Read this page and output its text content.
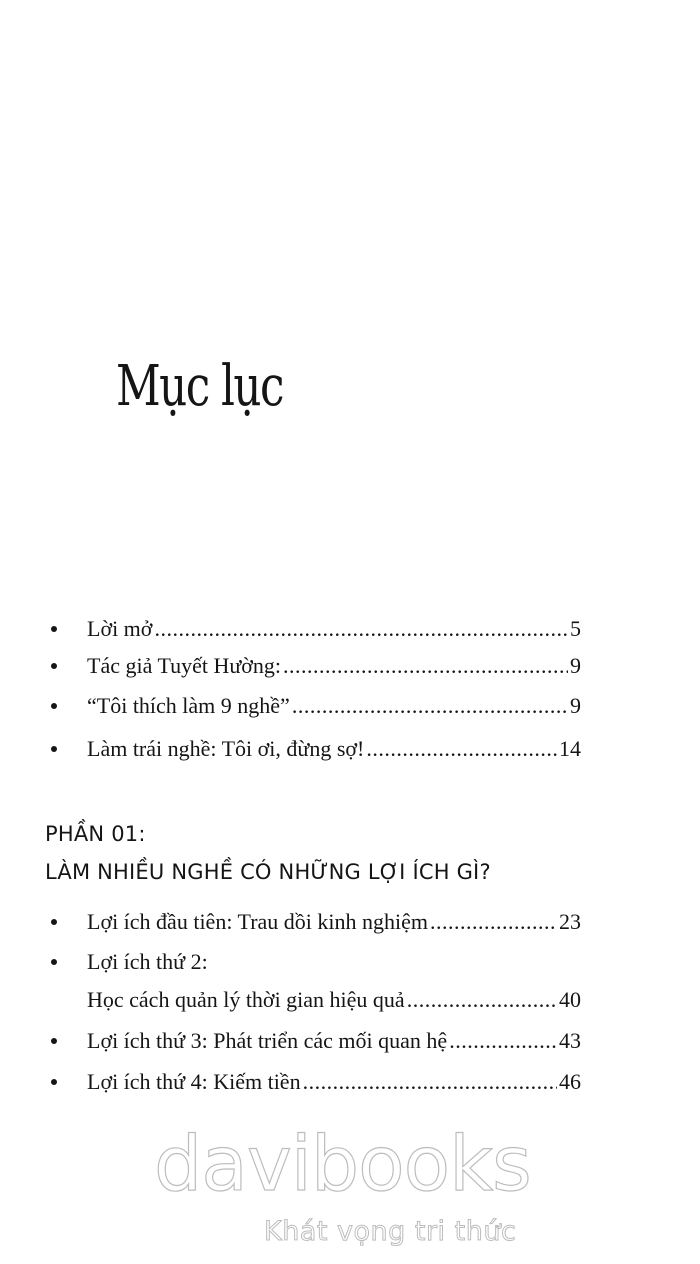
Mục lục
Lời mở .....	5
Tác giả Tuyết Hường: .....	9
“Tôi thích làm 9 nghề” .....	9
Làm trái nghề: Tôi ơi, đừng sợ! .....	14
PHẦN 01:
LÀM NHIỀU NGHỀ CÓ NHỮNG LỢI ÍCH GÌ?
Lợi ích đầu tiên: Trau dồi kinh nghiệm .....	23
Lợi ích thứ 2:
Học cách quản lý thời gian hiệu quả .....	40
Lợi ích thứ 3: Phát triển các mối quan hệ .....	43
Lợi ích thứ 4: Kiếm tiền .....	46
davibooks
Khát vọng tri thức
